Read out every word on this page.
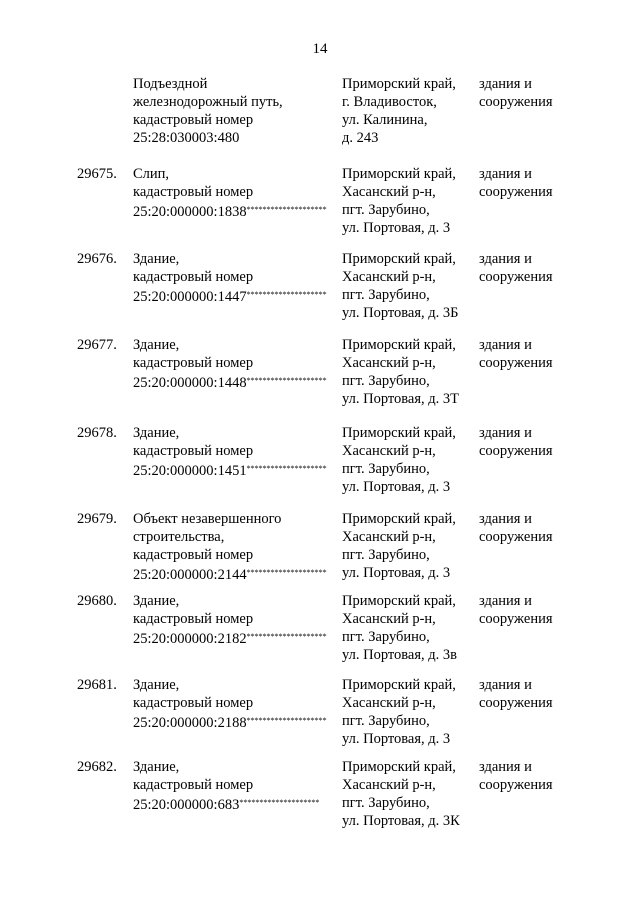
14
Подъездной
железнодорожный путь,
кадастровый номер
25:28:030003:480
Приморский край,
г. Владивосток,
ул. Калинина,
д. 243
здания и
сооружения
29675. Слип,
кадастровый номер
25:20:000000:1838********************
Приморский край,
Хасанский р-н,
пгт. Зарубино,
ул. Портовая, д. 3
здания и
сооружения
29676. Здание,
кадастровый номер
25:20:000000:1447********************
Приморский край,
Хасанский р-н,
пгт. Зарубино,
ул. Портовая, д. 3Б
здания и
сооружения
29677. Здание,
кадастровый номер
25:20:000000:1448********************
Приморский край,
Хасанский р-н,
пгт. Зарубино,
ул. Портовая, д. 3Т
здания и
сооружения
29678. Здание,
кадастровый номер
25:20:000000:1451********************
Приморский край,
Хасанский р-н,
пгт. Зарубино,
ул. Портовая, д. 3
здания и
сооружения
29679. Объект незавершенного
строительства,
кадастровый номер
25:20:000000:2144********************
Приморский край,
Хасанский р-н,
пгт. Зарубино,
ул. Портовая, д. 3
здания и
сооружения
29680. Здание,
кадастровый номер
25:20:000000:2182********************
Приморский край,
Хасанский р-н,
пгт. Зарубино,
ул. Портовая, д. 3в
здания и
сооружения
29681. Здание,
кадастровый номер
25:20:000000:2188********************
Приморский край,
Хасанский р-н,
пгт. Зарубино,
ул. Портовая, д. 3
здания и
сооружения
29682. Здание,
кадастровый номер
25:20:000000:683********************
Приморский край,
Хасанский р-н,
пгт. Зарубино,
ул. Портовая, д. 3К
здания и
сооружения
